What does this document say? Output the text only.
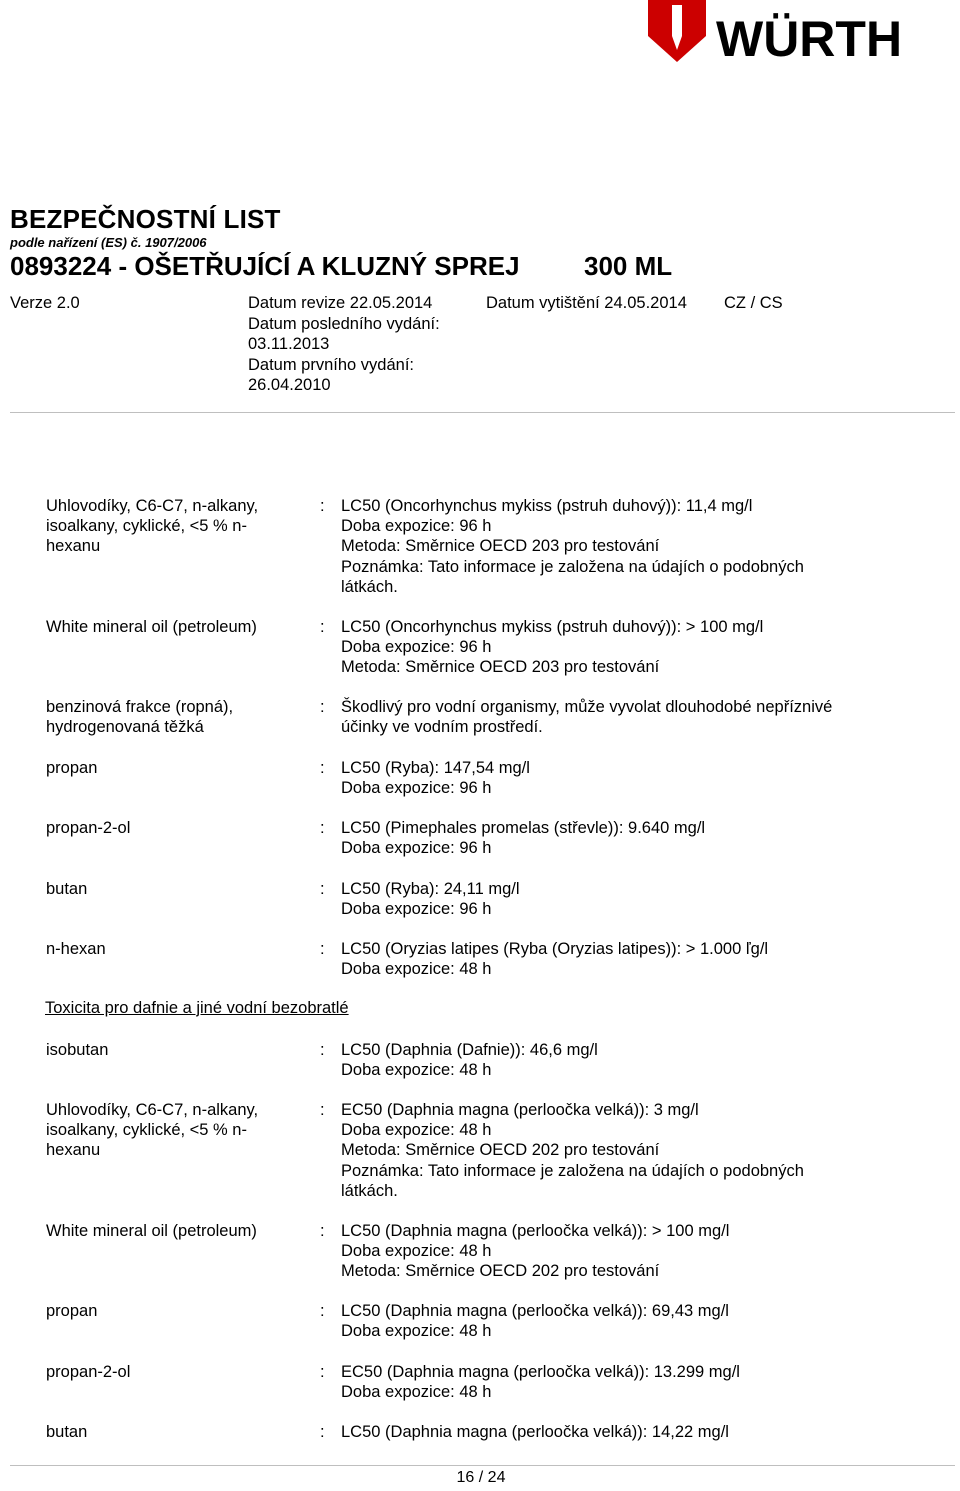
WÜRTH
BEZPEČNOSTNÍ LIST
podle nařízení (ES) č. 1907/2006
0893224 - OŠETŘUJÍCÍ A KLUZNÝ SPREJ 300 ML
Verze 2.0	Datum revize 22.05.2014
Datum posledního vydání:
03.11.2013
Datum prvního vydání:
26.04.2010
Datum vytištění 24.05.2014 CZ / CS
Uhlovodíky, C6-C7, n-alkany,
isoalkany, cyklické, <5 % n-
hexanu
: LC50 (Oncorhynchus mykiss (pstruh duhový)): 11,4 mg/l
Doba expozice: 96 h
Metoda: Směrnice OECD 203 pro testování
Poznámka: Tato informace je založena na údajích o podobných
látkách.
White mineral oil (petroleum)	: LC50 (Oncorhynchus mykiss (pstruh duhový)): > 100 mg/l
Doba expozice: 96 h
Metoda: Směrnice OECD 203 pro testování
benzinová frakce (ropná),
hydrogenovaná těžká
: Škodlivý pro vodní organismy, může vyvolat dlouhodobé nepříznivé
účinky ve vodním prostředí.
propan	: LC50 (Ryba): 147,54 mg/l
Doba expozice: 96 h
propan-2-ol	: LC50 (Pimephales promelas (střevle)): 9.640 mg/l
Doba expozice: 96 h
butan	: LC50 (Ryba): 24,11 mg/l
Doba expozice: 96 h
n-hexan	: LC50 (Oryzias latipes (Ryba (Oryzias latipes)): > 1.000 ľg/l
Doba expozice: 48 h
Toxicita pro dafnie a jiné vodní bezobratlé
isobutan	: LC50 (Daphnia (Dafnie)): 46,6 mg/l
Doba expozice: 48 h
Uhlovodíky, C6-C7, n-alkany,
isoalkany, cyklické, <5 % n-
hexanu
: EC50 (Daphnia magna (perloočka velká)): 3 mg/l
Doba expozice: 48 h
Metoda: Směrnice OECD 202 pro testování
Poznámka: Tato informace je založena na údajích o podobných
látkách.
White mineral oil (petroleum)	: LC50 (Daphnia magna (perloočka velká)): > 100 mg/l
Doba expozice: 48 h
Metoda: Směrnice OECD 202 pro testování
propan	: LC50 (Daphnia magna (perloočka velká)): 69,43 mg/l
Doba expozice: 48 h
propan-2-ol	: EC50 (Daphnia magna (perloočka velká)): 13.299 mg/l
Doba expozice: 48 h
butan	: LC50 (Daphnia magna (perloočka velká)): 14,22 mg/l
16 / 24
